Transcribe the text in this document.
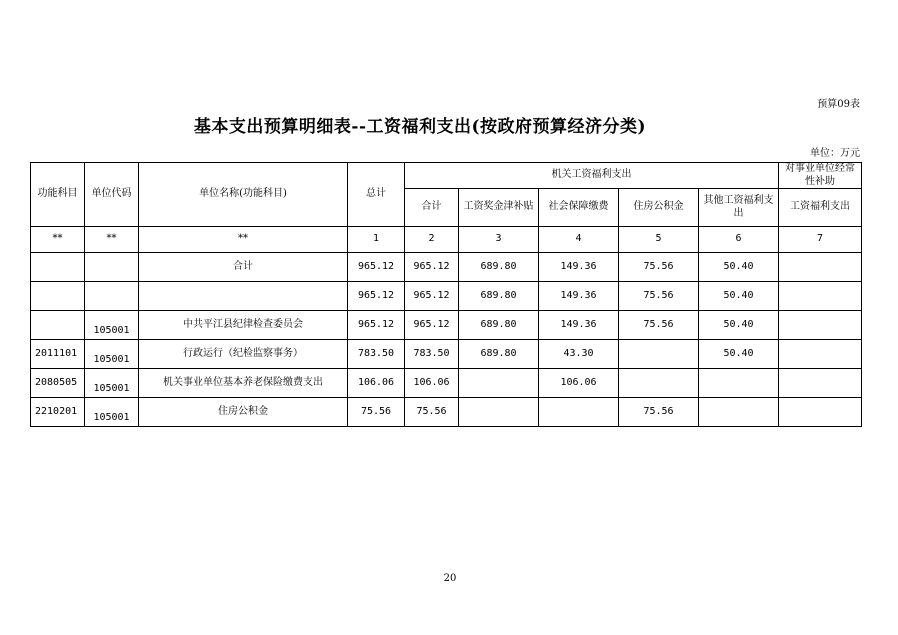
预算09表
基本支出预算明细表--工资福利支出(按政府预算经济分类)
单位：万元
功能科目	单位代码	单位名称(功能科目)	总计	机关工资福利支出					对事业单位经常性补助
				合计	工资奖金津补贴	社会保障缴费	住房公积金	其他工资福利支出	工资福利支出
**	**	**	1	2	3	4	5	6	7
		合计	965.12	965.12	689.80	149.36	75.56	50.40	
			965.12	965.12	689.80	149.36	75.56	50.40	
	105001	中共平江县纪律检查委员会	965.12	965.12	689.80	149.36	75.56	50.40	
2011101	105001	行政运行（纪检监察事务）	783.50	783.50	689.80	43.30		50.40	
2080505	105001	机关事业单位基本养老保险缴费支出	106.06	106.06		106.06			
2210201	105001	住房公积金	75.56	75.56			75.56		
20
